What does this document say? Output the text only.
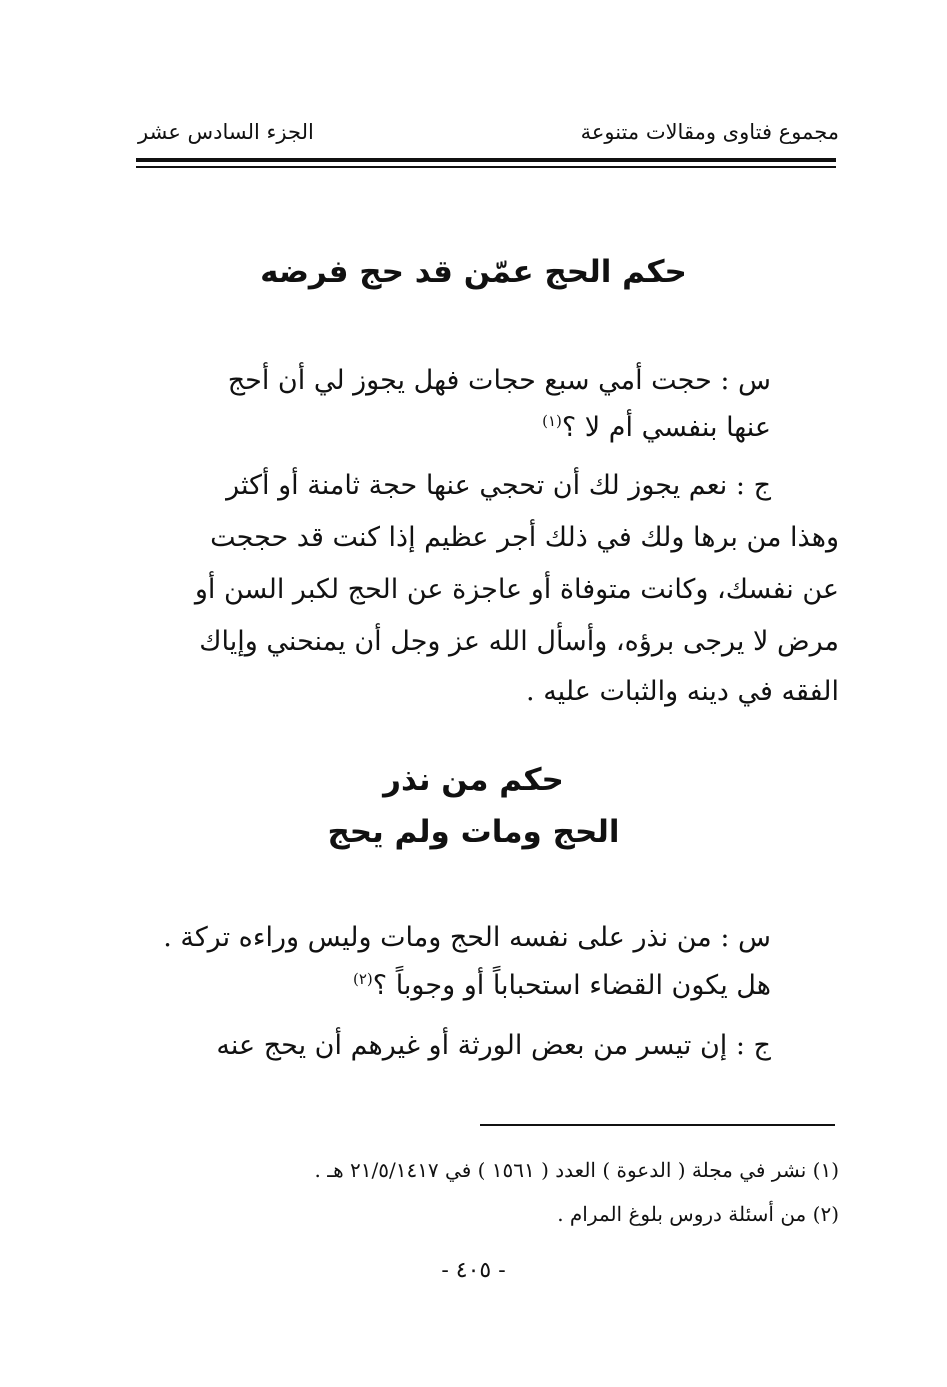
مجموع فتاوى ومقالات متنوعة
الجزء السادس عشر
حكم الحج عمّن قد حج فرضه
س : حجت أمي سبع حجات فهل يجوز لي أن أحج
عنها بنفسي أم لا ؟$^{(١)}$
ج : نعم يجوز لك أن تحجي عنها حجة ثامنة أو أكثر
وهذا من برها ولك في ذلك أجر عظيم إذا كنت قد حججت
عن نفسك، وكانت متوفاة أو عاجزة عن الحج لكبر السن أو
مرض لا يرجى برؤه، وأسأل الله عز وجل أن يمنحني وإياك
الفقه في دينه والثبات عليه .
حكم من نذر
الحج ومات ولم يحج
س : من نذر على نفسه الحج ومات وليس وراءه تركة .
هل يكون القضاء استحباباً أو وجوباً ؟$^{(٢)}$
ج : إن تيسر من بعض الورثة أو غيرهم أن يحج عنه
(١) نشر في مجلة ( الدعوة ) العدد ( ١٥٦١ ) في ٢١/٥/١٤١٧ هـ .
(٢) من أسئلة دروس بلوغ المرام .
- ٤٠٥ -
